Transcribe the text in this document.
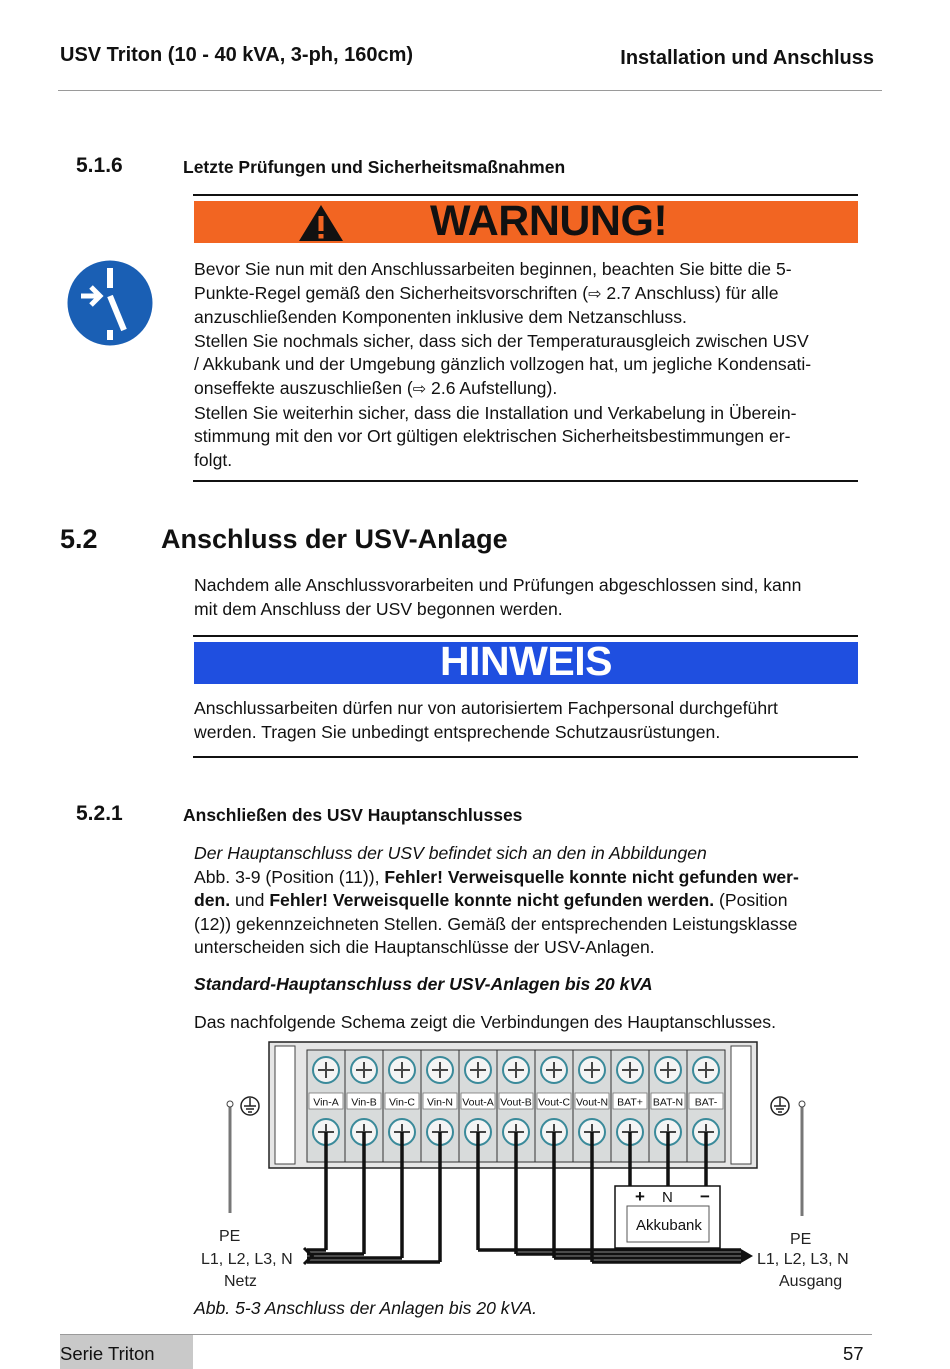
USV Triton (10 - 40 kVA, 3-ph, 160cm)	Installation und Anschluss
5.1.6	Letzte Prüfungen und Sicherheitsmaßnahmen
WARNUNG!

Bevor Sie nun mit den Anschlussarbeiten beginnen, beachten Sie bitte die 5-
Punkte-Regel gemäß den Sicherheitsvorschriften (⇨ 2.7 Anschluss) für alle
anzuschließenden Komponenten inklusive dem Netzanschluss.

Stellen Sie nochmals sicher, dass sich der Temperaturausgleich zwischen USV
/ Akkubank und der Umgebung gänzlich vollzogen hat, um jegliche Kondensati-
onseffekte auszuschließen (⇨ 2.6 Aufstellung).

Stellen Sie weiterhin sicher, dass die Installation und Verkabelung in Überein-
stimmung mit den vor Ort gültigen elektrischen Sicherheitsbestimmungen er-
folgt.

5.2 Anschluss der USV-Anlage
Nachdem alle Anschlussvorarbeiten und Prüfungen abgeschlossen sind, kann
mit dem Anschluss der USV begonnen werden.
HINWEIS
Anschlussarbeiten dürfen nur von autorisiertem Fachpersonal durchgeführt
werden. Tragen Sie unbedingt entsprechende Schutzausrüstungen.
5.2.1	Anschließen des USV Hauptanschlusses
Der Hauptanschluss der USV befindet sich an den in Abbildungen
Abb. 3-9 (Position (11)), Fehler! Verweisquelle konnte nicht gefunden wer-
den. und Fehler! Verweisquelle konnte nicht gefunden werden. (Position
(12)) gekennzeichneten Stellen. Gemäß der entsprechenden Leistungsklasse
unterscheiden sich die Hauptanschlüsse der USV-Anlagen.
Standard-Hauptanschluss der USV-Anlagen bis 20 kVA
Das nachfolgende Schema zeigt die Verbindungen des Hauptanschlusses.
Vin-A Vin-B Vin-C Vin-N Vout-A Vout-B Vout-C Vout-N BAT+ BAT-N BAT-
+ N −
Akkubank
PE
L1, L2, L3, N
Netz
PE
L1, L2, L3, N
Ausgang
Abb. 5-3 Anschluss der Anlagen bis 20 kVA.
Serie Triton	57
